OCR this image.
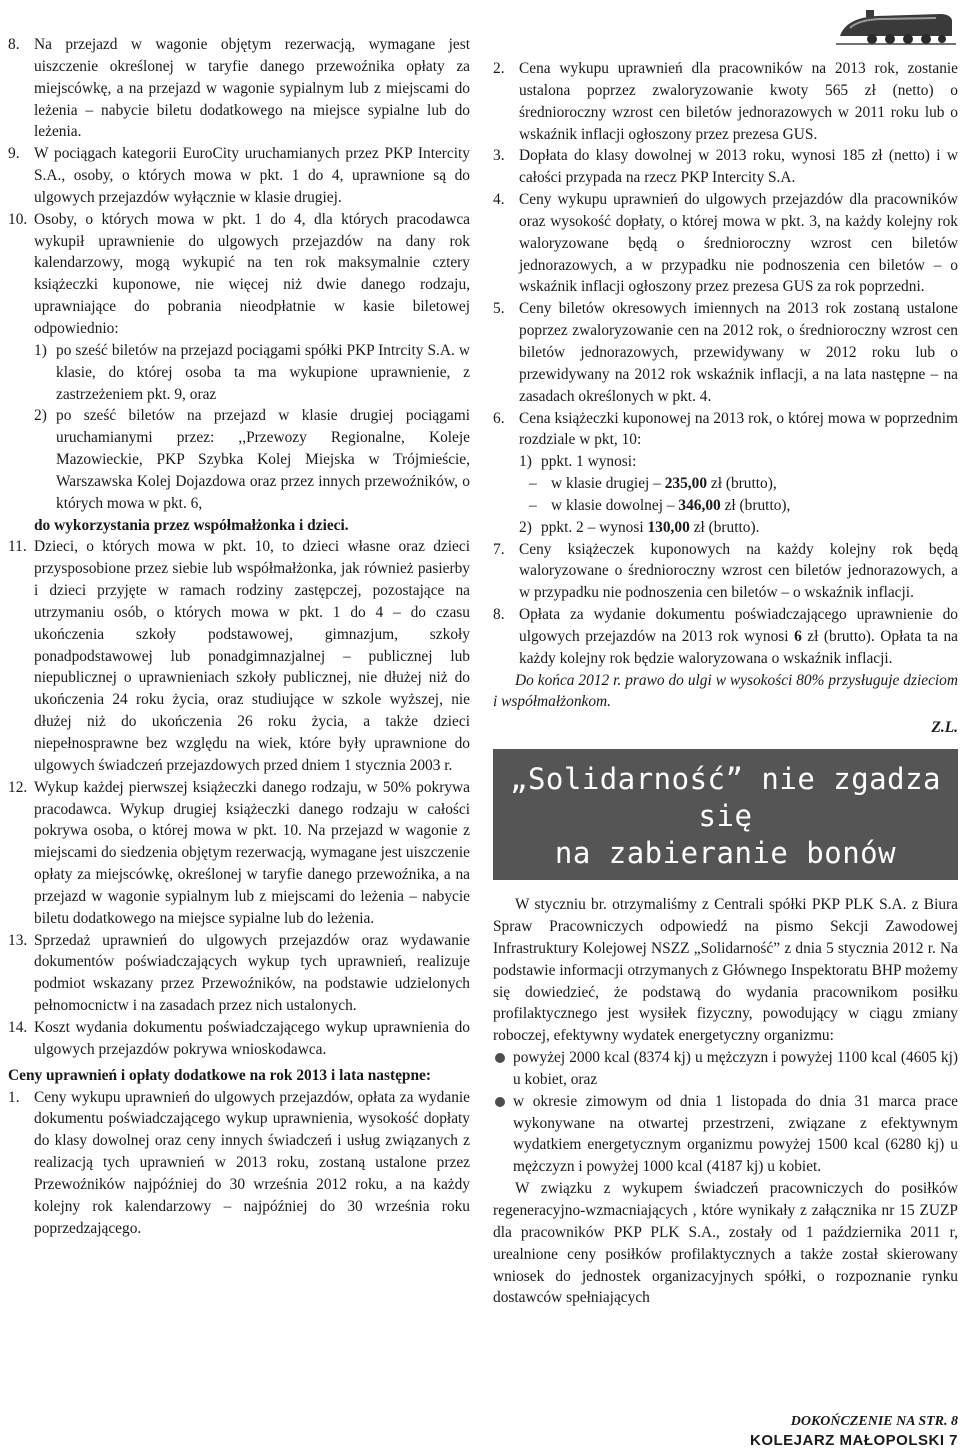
8. Na przejazd w wagonie objętym rezerwacją, wymagane jest uiszczenie określonej w taryfie danego przewoźnika opłaty za miejscówkę, a na przejazd w wagonie sypialnym lub z miejscami do leżenia – nabycie biletu dodatkowego na miejsce sypialne lub do leżenia.
9. W pociągach kategorii EuroCity uruchamianych przez PKP Intercity S.A., osoby, o których mowa w pkt. 1 do 4, uprawnione są do ulgowych przejazdów wyłącznie w klasie drugiej.
10. Osoby, o których mowa w pkt. 1 do 4, dla których pracodawca wykupił uprawnienie do ulgowych przejazdów na dany rok kalendarzowy, mogą wykupić na ten rok maksymalnie cztery książeczki kuponowe, nie więcej niż dwie danego rodzaju, uprawniające do pobrania nieodpłatnie w kasie biletowej odpowiednio:
1) po sześć biletów na przejazd pociągami spółki PKP Intrcity S.A. w klasie, do której osoba ta ma wykupione uprawnienie, z zastrzeżeniem pkt. 9, oraz
2) po sześć biletów na przejazd w klasie drugiej pociągami uruchamianymi przez: ,,Przewozy Regionalne, Koleje Mazowieckie, PKP Szybka Kolej Miejska w Trójmieście, Warszawska Kolej Dojazdowa oraz przez innych przewoźników, o których mowa w pkt. 6,
do wykorzystania przez współmałżonka i dzieci.
11. Dzieci, o których mowa w pkt. 10, to dzieci własne oraz dzieci przysposobione przez siebie lub współmałżonka, jak również pasierby i dzieci przyjęte w ramach rodziny zastępczej, pozostające na utrzymaniu osób, o których mowa w pkt. 1 do 4 – do czasu ukończenia szkoły podstawowej, gimnazjum, szkoły ponadpodstawowej lub ponadgimnazjalnej – publicznej lub niepublicznej o uprawnieniach szkoły publicznej, nie dłużej niż do ukończenia 24 roku życia, oraz studiujące w szkole wyższej, nie dłużej niż do ukończenia 26 roku życia, a także dzieci niepełnosprawne bez względu na wiek, które były uprawnione do ulgowych świadczeń przejazdowych przed dniem 1 stycznia 2003 r.
12. Wykup każdej pierwszej książeczki danego rodzaju, w 50% pokrywa pracodawca. Wykup drugiej książeczki danego rodzaju w całości pokrywa osoba, o której mowa w pkt. 10. Na przejazd w wagonie z miejscami do siedzenia objętym rezerwacją, wymagane jest uiszczenie opłaty za miejscówkę, określonej w taryfie danego przewoźnika, a na przejazd w wagonie sypialnym lub z miejscami do leżenia – nabycie biletu dodatkowego na miejsce sypialne lub do leżenia.
13. Sprzedaż uprawnień do ulgowych przejazdów oraz wydawanie dokumentów poświadczających wykup tych uprawnień, realizuje podmiot wskazany przez Przewoźników, na podstawie udzielonych pełnomocnictw i na zasadach przez nich ustalonych.
14. Koszt wydania dokumentu poświadczającego wykup uprawnienia do ulgowych przejazdów pokrywa wnioskodawca.
Ceny uprawnień i opłaty dodatkowe na rok 2013 i lata następne:
1. Ceny wykupu uprawnień do ulgowych przejazdów, opłata za wydanie dokumentu poświadczającego wykup uprawnienia, wysokość dopłaty do klasy dowolnej oraz ceny innych świadczeń i usług związanych z realizacją tych uprawnień w 2013 roku, zostaną ustalone przez Przewoźników najpóźniej do 30 września 2012 roku, a na każdy kolejny rok kalendarzowy – najpóźniej do 30 września roku poprzedzającego.
2. Cena wykupu uprawnień dla pracowników na 2013 rok, zostanie ustalona poprzez zwaloryzowanie kwoty 565 zł (netto) o średnioroczny wzrost cen biletów jednorazowych w 2011 roku lub o wskaźnik inflacji ogłoszony przez prezesa GUS.
3. Dopłata do klasy dowolnej w 2013 roku, wynosi 185 zł (netto) i w całości przypada na rzecz PKP Intercity S.A.
4. Ceny wykupu uprawnień do ulgowych przejazdów dla pracowników oraz wysokość dopłaty, o której mowa w pkt. 3, na każdy kolejny rok waloryzowane będą o średnioroczny wzrost cen biletów jednorazowych, a w przypadku nie podnoszenia cen biletów – o wskaźnik inflacji ogłoszony przez prezesa GUS za rok poprzedni.
5. Ceny biletów okresowych imiennych na 2013 rok zostaną ustalone poprzez zwaloryzowanie cen na 2012 rok, o średnioroczny wzrost cen biletów jednorazowych, przewidywany w 2012 roku lub o przewidywany na 2012 rok wskaźnik inflacji, a na lata następne – na zasadach określonych w pkt. 4.
6. Cena książeczki kuponowej na 2013 rok, o której mowa w poprzednim rozdziale w pkt, 10:
1) ppkt. 1 wynosi:
– w klasie drugiej – 235,00 zł (brutto),
– w klasie dowolnej – 346,00 zł (brutto),
2) ppkt. 2 – wynosi 130,00 zł (brutto).
7. Ceny książeczek kuponowych na każdy kolejny rok będą waloryzowane o średnioroczny wzrost cen biletów jednorazowych, a w przypadku nie podnoszenia cen biletów – o wskaźnik inflacji.
8. Opłata za wydanie dokumentu poświadczającego uprawnienie do ulgowych przejazdów na 2013 rok wynosi 6 zł (brutto). Opłata ta na każdy kolejny rok będzie waloryzowana o wskaźnik inflacji.
Do końca 2012 r. prawo do ulgi w wysokości 80% przysługuje dzieciom i współmałżonkom.
Z.L.
„Solidarność” nie zgadza się
na zabieranie bonów
W styczniu br. otrzymaliśmy z Centrali spółki PKP PLK S.A. z Biura Spraw Pracowniczych odpowiedź na pismo Sekcji Zawodowej Infrastruktury Kolejowej NSZZ „Solidarność” z dnia 5 stycznia 2012 r. Na podstawie informacji otrzymanych z Głównego Inspektoratu BHP możemy się dowiedzieć, że podstawą do wydania pracownikom posiłku profilaktycznego jest wysiłek fizyczny, powodujący w ciągu zmiany roboczej, efektywny wydatek energetyczny organizmu:
powyżej 2000 kcal (8374 kj) u mężczyzn i powyżej 1100 kcal (4605 kj) u kobiet, oraz
w okresie zimowym od dnia 1 listopada do dnia 31 marca prace wykonywane na otwartej przestrzeni, związane z efektywnym wydatkiem energetycznym organizmu powyżej 1500 kcal (6280 kj) u mężczyzn i powyżej 1000 kcal (4187 kj) u kobiet.
W związku z wykupem świadczeń pracowniczych do posiłków regeneracyjno-wzmacniających , które wynikały z załącznika nr 15 ZUZP dla pracowników PKP PLK S.A., zostały od 1 października 2011 r, urealnione ceny posiłków profilaktycznych a także został skierowany wniosek do jednostek organizacyjnych spółki, o rozpoznanie rynku dostawców spełniających
DOKOŃCZENIE NA STR. 8
KOLEJARZ MAŁOPOLSKI 7
